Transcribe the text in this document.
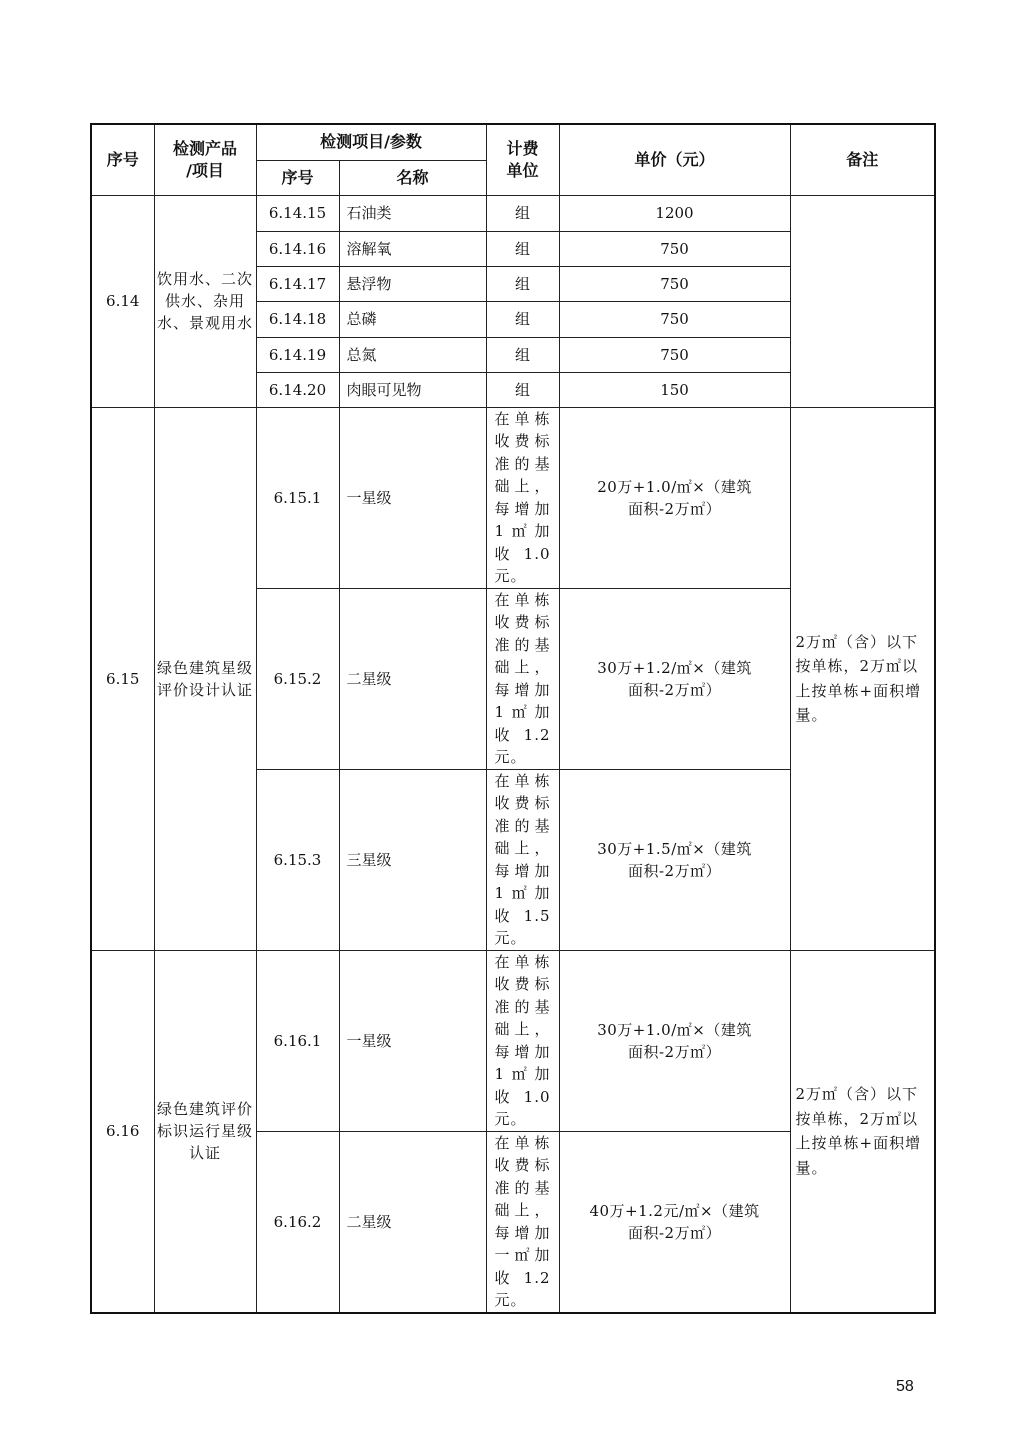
序号	检测产品
/项目	检测项目/参数		计费
单位	单价（元）	备注
		序号	名称			
6.14	饮用水、二次供水、杂用水、景观用水	6.14.15	石油类	组	1200	
		6.14.16	溶解氧	组	750	
		6.14.17	悬浮物	组	750	
		6.14.18	总磷	组	750	
		6.14.19	总氮	组	750	
		6.14.20	肉眼可见物	组	150	
6.15	绿色建筑星级评价设计认证	6.15.1	一星级	在单栋收费标准的基础上，每增加1㎡加收1.0元。	20万+1.0/㎡×（建筑
面积-2万㎡）	2万㎡（含）以下按单栋，2万㎡以上按单栋+面积增量。
		6.15.2	二星级	在单栋收费标准的基础上，每增加1㎡加收1.2元。	30万+1.2/㎡×（建筑
面积-2万㎡）	
		6.15.3	三星级	在单栋收费标准的基础上，每增加1㎡加收1.5元。	30万+1.5/㎡×（建筑
面积-2万㎡）	
6.16	绿色建筑评价标识运行星级认证	6.16.1	一星级	在单栋收费标准的基础上，每增加1㎡加收1.0元。	30万+1.0/㎡×（建筑
面积-2万㎡）	2万㎡（含）以下按单栋，2万㎡以上按单栋+面积增量。
		6.16.2	二星级	在单栋收费标准的基础上，每增加一㎡加收1.2元。	40万+1.2元/㎡×（建筑
面积-2万㎡）	
58
